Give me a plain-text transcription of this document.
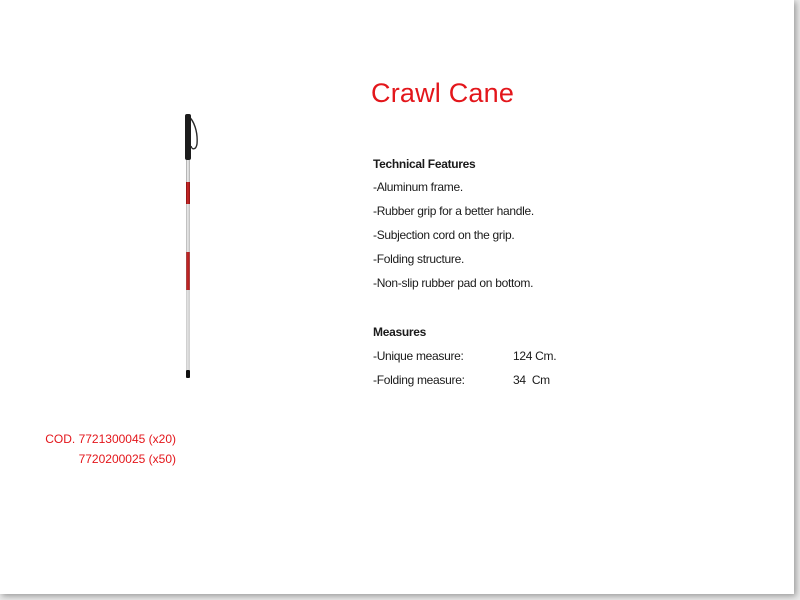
Crawl Cane
Technical Features
-Aluminum frame.
-Rubber grip for a better handle.
-Subjection cord on the grip.
-Folding structure.
-Non-slip rubber pad on bottom.
Measures
-Unique measure:	124 Cm.
-Folding measure:	34  Cm
COD. 7721300045 (x20)
7720200025 (x50)
